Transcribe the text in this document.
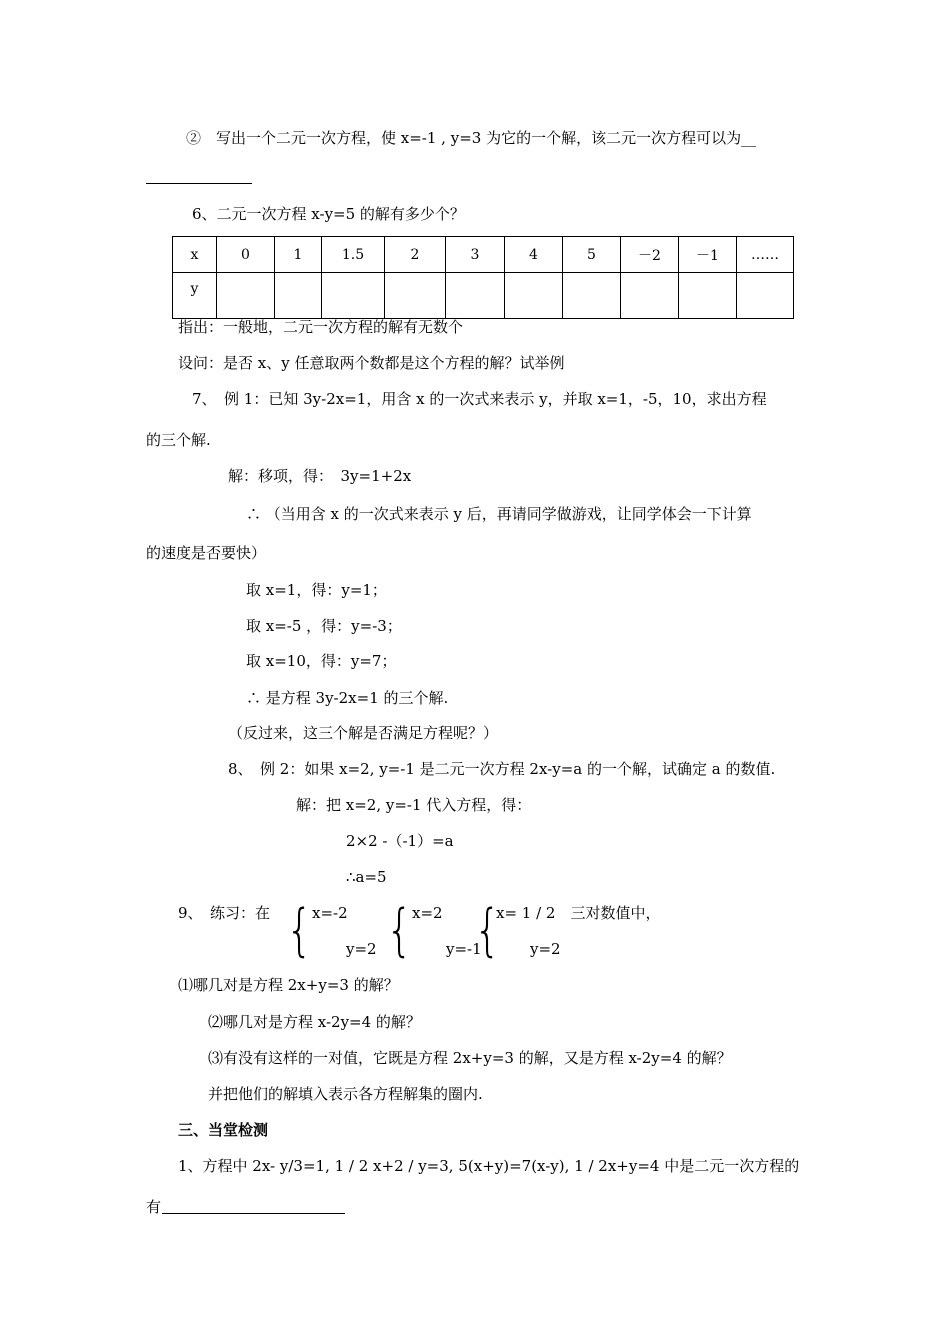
②　写出一个二元一次方程，使 x=-1 , y=3 为它的一个解，该二元一次方程可以为__
6、二元一次方程 x-y=5 的解有多少个？
x	0	1	1.5	2	3	4	5	－2	－1	……
y										
指出：一般地，二元一次方程的解有无数个
设问：是否 x、y 任意取两个数都是这个方程的解？试举例
7、　例 1：已知 3y-2x=1，用含 x 的一次式来表示 y，并取 x=1，-5，10，求出方程
的三个解.
解：移项，得：　3y=1+2x
∴ （当用含 x 的一次式来表示 y 后，再请同学做游戏，让同学体会一下计算
的速度是否要快）
取 x=1，得：y=1；
取 x=-5 ，得：y=-3；
取 x=10，得：y=7；
∴ 是方程 3y-2x=1 的三个解.
（反过来，这三个解是否满足方程呢？）
8、　例 2：如果 x=2, y=-1 是二元一次方程 2x-y=a 的一个解，试确定 a 的数值.
解：把 x=2, y=-1 代入方程，得：
2×2 -（-1）=a
∴a=5
9、　练习：在 { x=-2
y=2 { x=2
y=-1
{
x= 1 / 2　三对数值中，
y=2
⑴哪几对是方程 2x+y=3 的解？
⑵哪几对是方程 x-2y=4 的解？
⑶有没有这样的一对值，它既是方程 2x+y=3 的解，又是方程 x-2y=4 的解？
并把他们的解填入表示各方程解集的圈内.
三、当堂检测
1、方程中 2x- y/3=1, 1 / 2 x+2 / y=3, 5(x+y)=7(x-y), 1 / 2x+y=4 中是二元一次方程的
有
